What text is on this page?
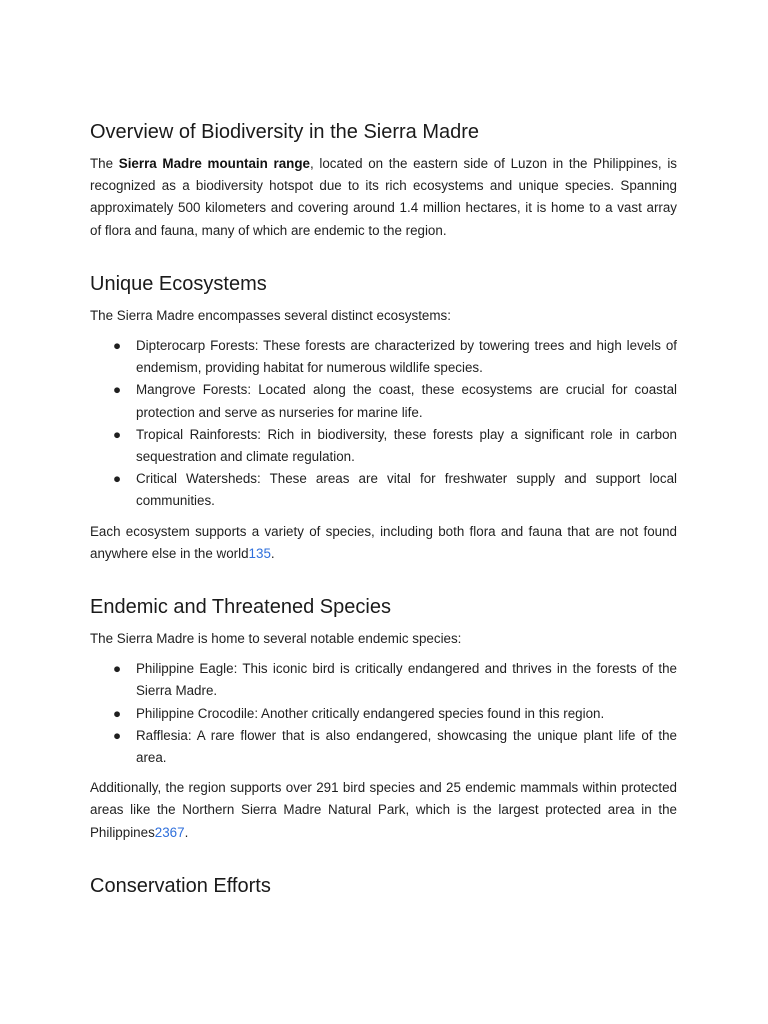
Overview of Biodiversity in the Sierra Madre

The Sierra Madre mountain range, located on the eastern side of Luzon in the Philippines, is recognized as a biodiversity hotspot due to its rich ecosystems and unique species. Spanning approximately 500 kilometers and covering around 1.4 million hectares, it is home to a vast array of flora and fauna, many of which are endemic to the region.

Unique Ecosystems

The Sierra Madre encompasses several distinct ecosystems:

● Dipterocarp Forests: These forests are characterized by towering trees and high levels of endemism, providing habitat for numerous wildlife species.
● Mangrove Forests: Located along the coast, these ecosystems are crucial for coastal protection and serve as nurseries for marine life.
● Tropical Rainforests: Rich in biodiversity, these forests play a significant role in carbon sequestration and climate regulation.
● Critical Watersheds: These areas are vital for freshwater supply and support local communities.

Each ecosystem supports a variety of species, including both flora and fauna that are not found anywhere else in the world135.

Endemic and Threatened Species

The Sierra Madre is home to several notable endemic species:

● Philippine Eagle: This iconic bird is critically endangered and thrives in the forests of the Sierra Madre.
● Philippine Crocodile: Another critically endangered species found in this region.
● Rafflesia: A rare flower that is also endangered, showcasing the unique plant life of the area.

Additionally, the region supports over 291 bird species and 25 endemic mammals within protected areas like the Northern Sierra Madre Natural Park, which is the largest protected area in the Philippines2367.

Conservation Efforts
